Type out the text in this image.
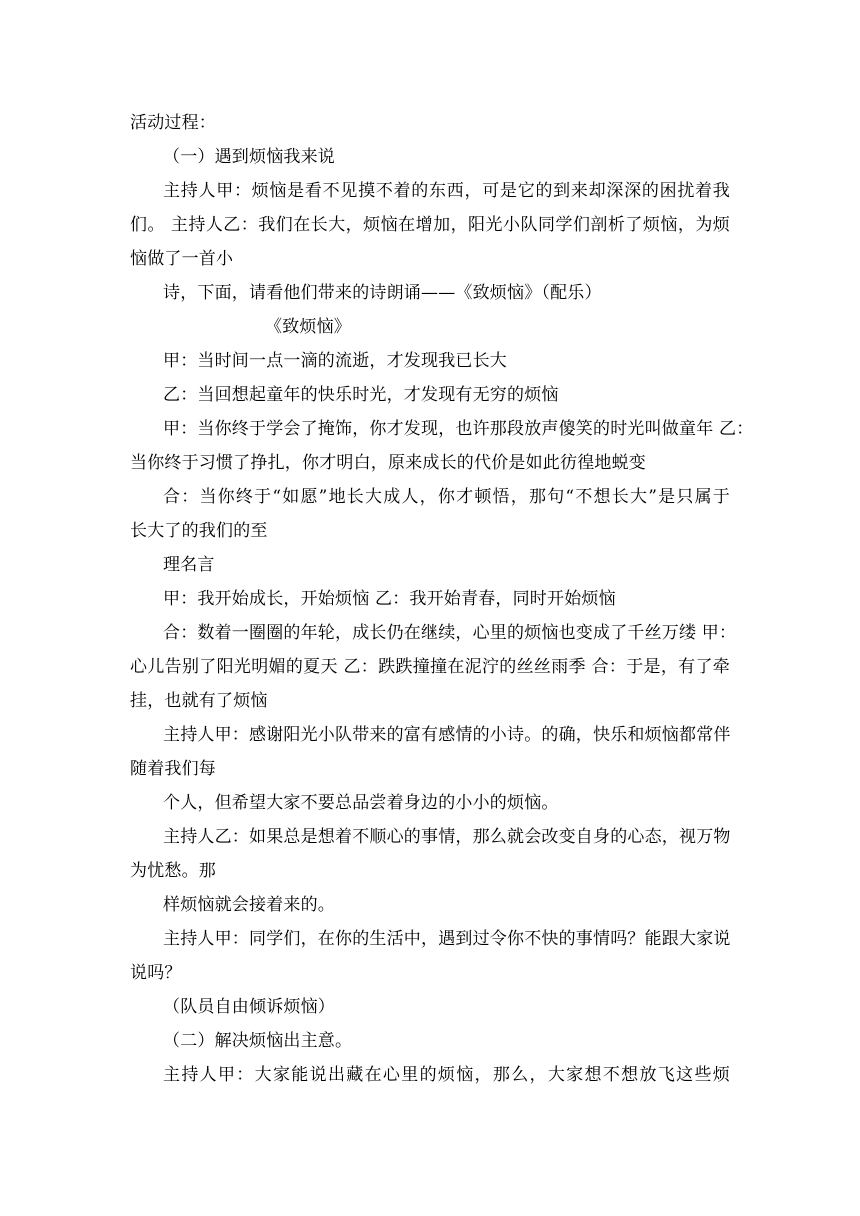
活动过程：
（一）遇到烦恼我来说
主持人甲：烦恼是看不见摸不着的东西，可是它的到来却深深的困扰着我
们。 主持人乙：我们在长大，烦恼在增加，阳光小队同学们剖析了烦恼，为烦
恼做了一首小
诗，下面，请看他们带来的诗朗诵——《致烦恼》（配乐）
《致烦恼》
甲：当时间一点一滴的流逝，才发现我已长大
乙：当回想起童年的快乐时光，才发现有无穷的烦恼
甲：当你终于学会了掩饰，你才发现，也许那段放声傻笑的时光叫做童年 乙：
当你终于习惯了挣扎，你才明白，原来成长的代价是如此彷徨地蜕变
合：当你终于“如愿”地长大成人，你才顿悟，那句“不想长大”是只属于
长大了的我们的至
理名言
甲：我开始成长，开始烦恼 乙：我开始青春，同时开始烦恼
合：数着一圈圈的年轮，成长仍在继续，心里的烦恼也变成了千丝万缕 甲：
心儿告别了阳光明媚的夏天 乙：跌跌撞撞在泥泞的丝丝雨季 合：于是，有了牵
挂，也就有了烦恼
主持人甲：感谢阳光小队带来的富有感情的小诗。的确，快乐和烦恼都常伴
随着我们每
个人，但希望大家不要总品尝着身边的小小的烦恼。
主持人乙：如果总是想着不顺心的事情，那么就会改变自身的心态，视万物
为忧愁。那
样烦恼就会接着来的。
主持人甲：同学们，在你的生活中，遇到过令你不快的事情吗？能跟大家说
说吗？
（队员自由倾诉烦恼）
（二）解决烦恼出主意。
主持人甲：大家能说出藏在心里的烦恼，那么，大家想不想放飞这些烦
